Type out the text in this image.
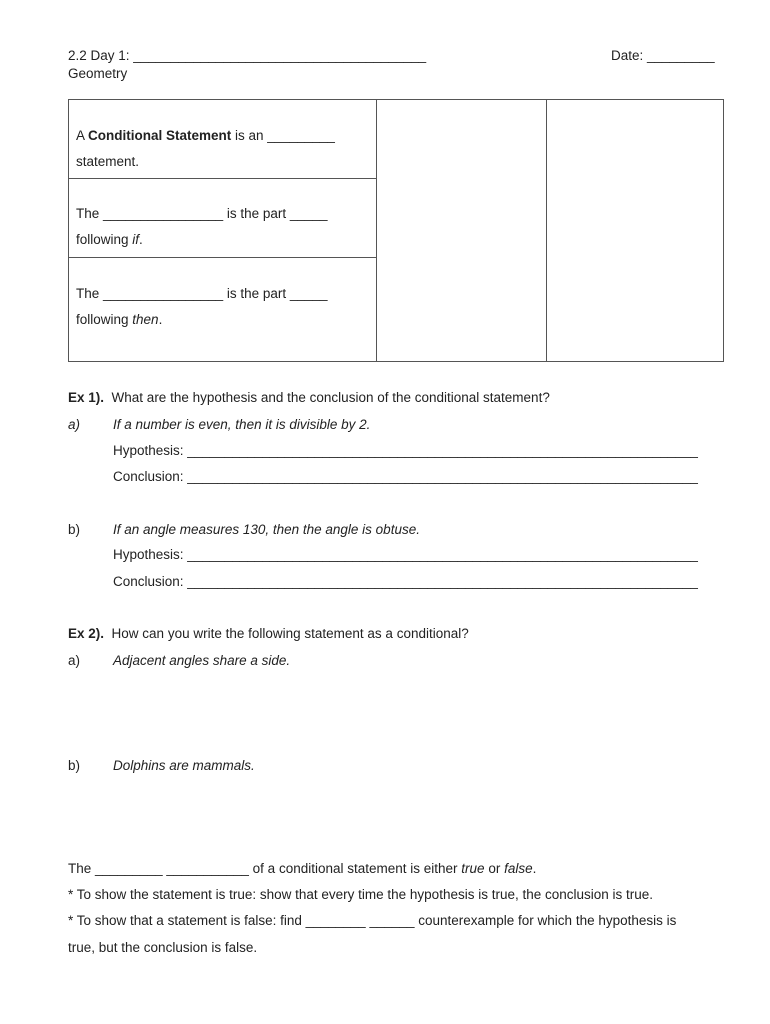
2.2 Day 1: _______________________________________
Geometry
Date: _________
A Conditional Statement is an _________
statement.
The ________________ is the part _____
following if.
The ________________ is the part _____
following then.
Ex 1). What are the hypothesis and the conclusion of the conditional statement?
a) If a number is even, then it is divisible by 2.
Hypothesis: ____________________________________________________________________
Conclusion: ____________________________________________________________________
b) If an angle measures 130, then the angle is obtuse.
Hypothesis: ____________________________________________________________________
Conclusion: ____________________________________________________________________
Ex 2). How can you write the following statement as a conditional?
a) Adjacent angles share a side.
b) Dolphins are mammals.
The _________ ___________ of a conditional statement is either true or false.
* To show the statement is true: show that every time the hypothesis is true, the conclusion is true.
* To show that a statement is false: find ________ ______ counterexample for which the hypothesis is
true, but the conclusion is false.
